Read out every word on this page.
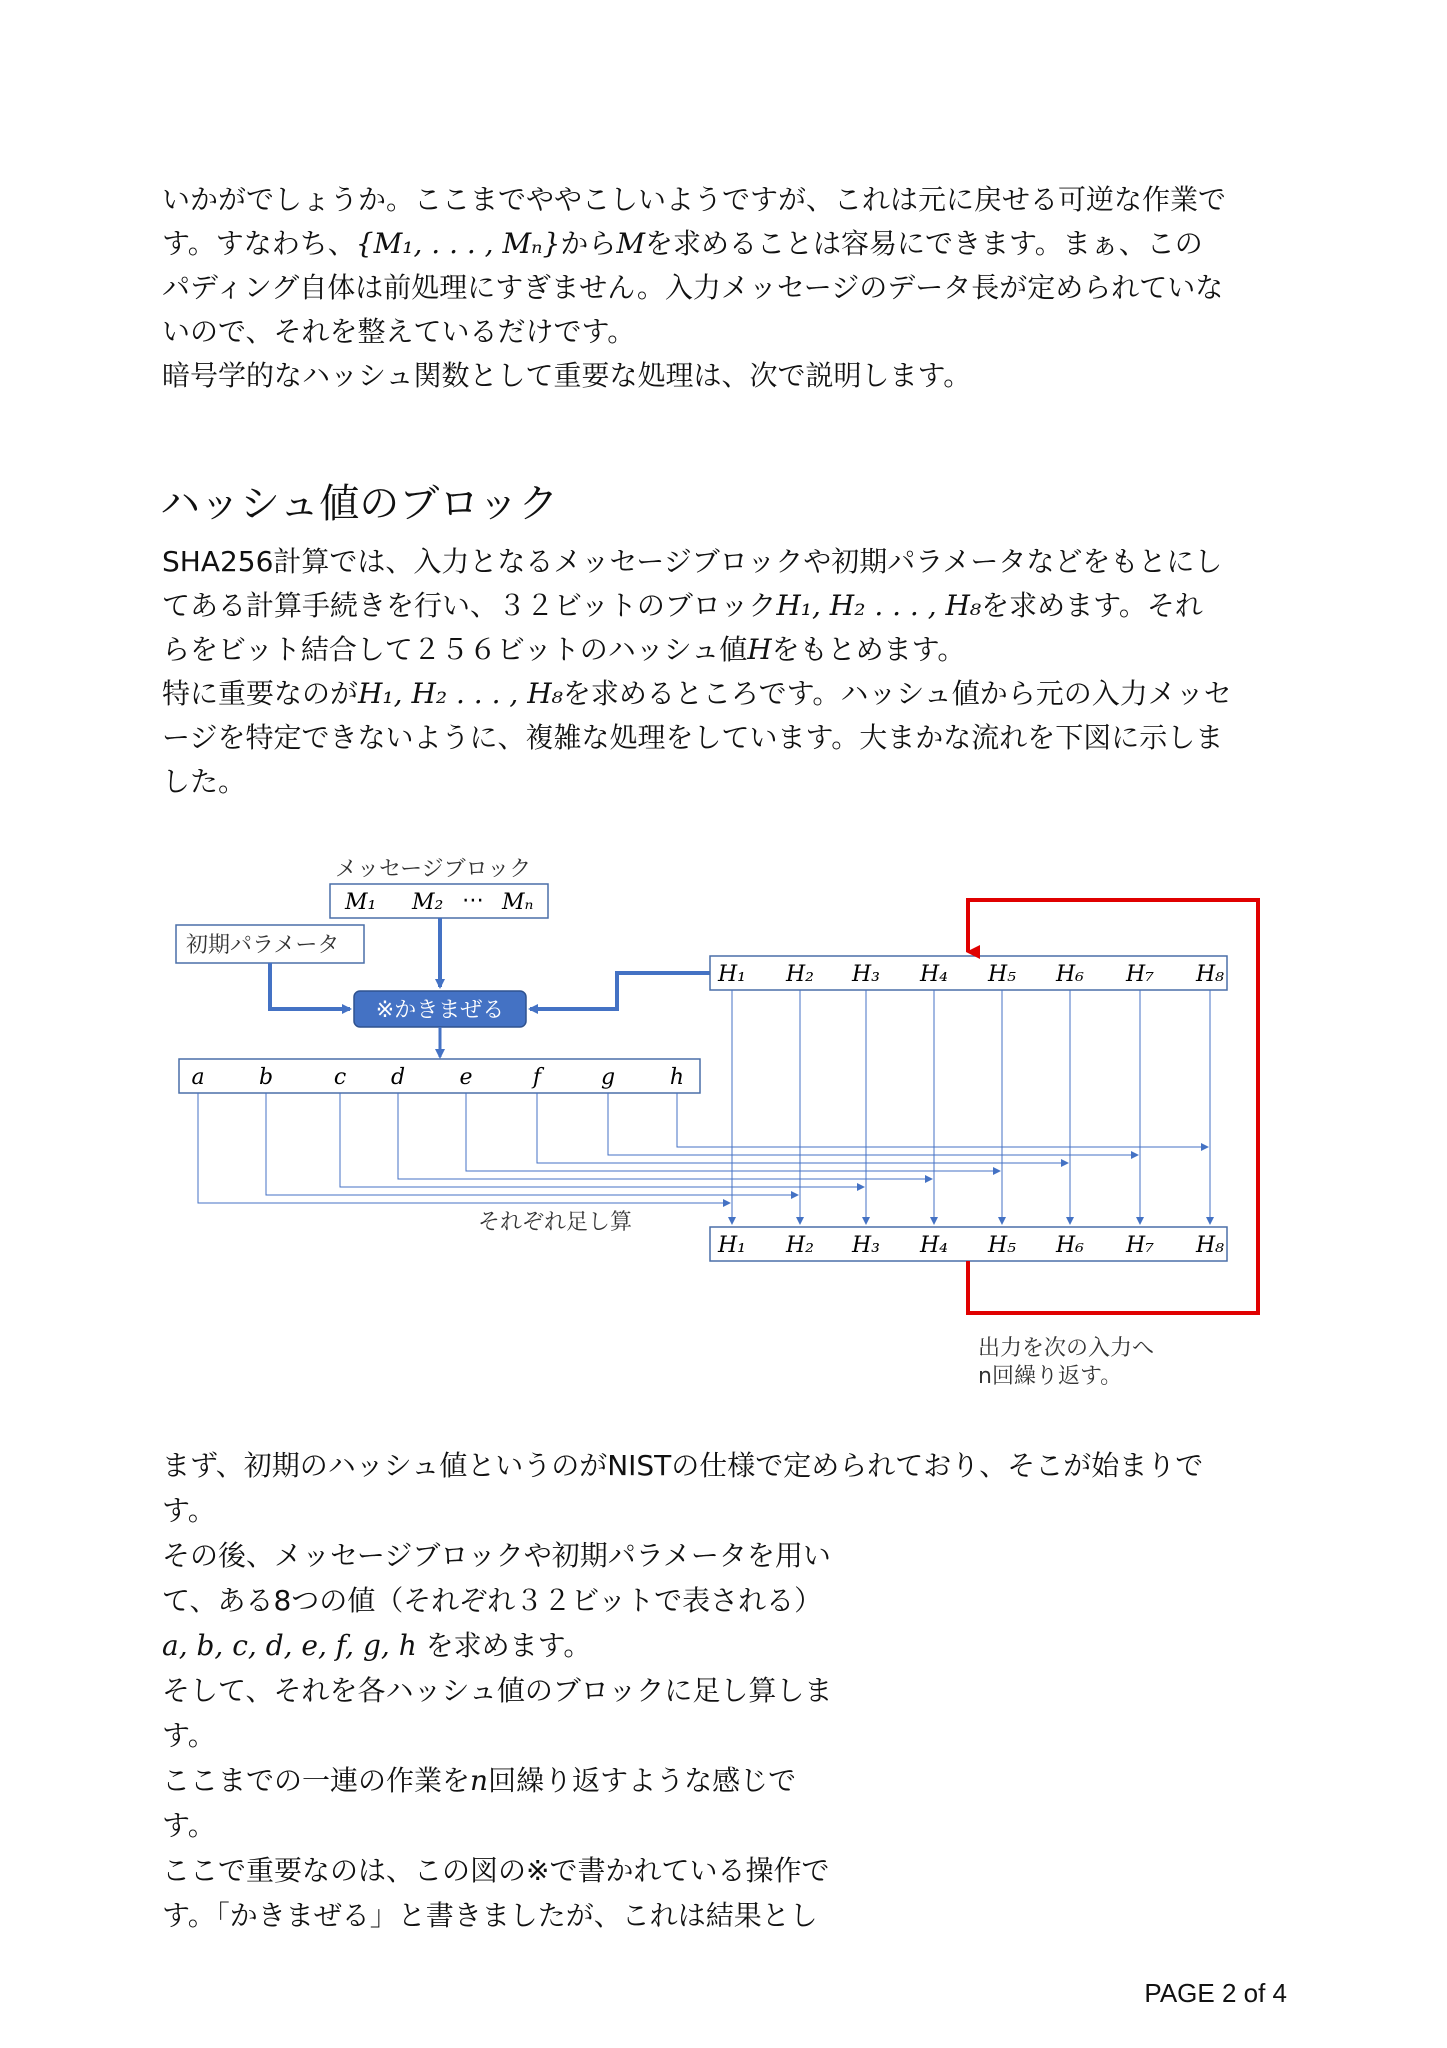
いかがでしょうか。ここまでややこしいようですが、これは元に戻せる可逆な作業で

す。すなわち、{M₁, . . . , Mₙ}からMを求めることは容易にできます。まぁ、この

パディング自体は前処理にすぎません。入力メッセージのデータ長が定められていな

いので、それを整えているだけです。

暗号学的なハッシュ関数として重要な処理は、次で説明します。

ハッシュ値のブロック

SHA256計算では、入力となるメッセージブロックや初期パラメータなどをもとにし

てある計算手続きを行い、３２ビットのブロックH₁, H₂ . . . , H₈を求めます。それ

らをビット結合して２５６ビットのハッシュ値Hをもとめます。

特に重要なのがH₁, H₂ . . . , H₈を求めるところです。ハッシュ値から元の入力メッセ

ージを特定できないように、複雑な処理をしています。大まかな流れを下図に示しま

した。

メッセージブロック
M₁ M₂ ⋯ Mₙ
初期パラメータ
※かきまぜる
a b	c d e	f	g h
H₁ H₂ H₃ H₄ H₅ H₆ H₇ H₈
H₁ H₂ H₃ H₄ H₅ H₆ H₇ H₈
それぞれ足し算
出力を次の入力へ
n回繰り返す。
まず、初期のハッシュ値というのがNISTの仕様で定められており、そこが始まりで
す。
その後、メッセージブロックや初期パラメータを用い
て、ある8つの値（それぞれ３２ビットで表される）
a, b, c, d, e, f, g, h を求めます。
そして、それを各ハッシュ値のブロックに足し算しま
す。
ここまでの一連の作業をn回繰り返すような感じで
す。
ここで重要なのは、この図の※で書かれている操作で
す。「かきまぜる」と書きましたが、これは結果とし
PAGE 2 of 4
